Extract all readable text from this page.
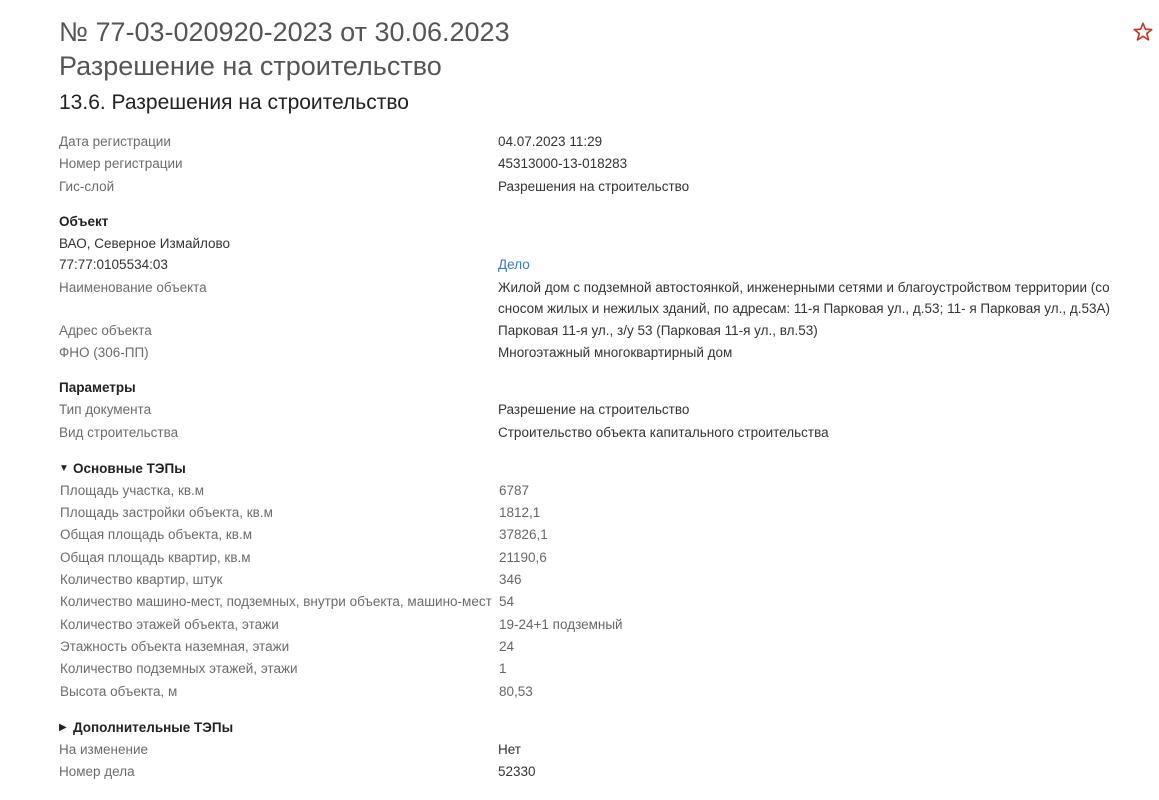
№ 77-03-020920-2023 от 30.06.2023
Разрешение на строительство
13.6. Разрешения на строительство
Дата регистрации	04.07.2023 11:29
Номер регистрации	45313000-13-018283
Гис-слой	Разрешения на строительство
Объект
ВАО, Северное Измайлово
77:77:0105534:03	Дело
Наименование объекта	Жилой дом с подземной автостоянкой, инженерными сетями и благоустройством территории (со сносом жилых и нежилых зданий, по адресам: 11-я Парковая ул., д.53; 11- я Парковая ул., д.53А)
Адрес объекта	Парковая 11-я ул., з/у 53 (Парковая 11-я ул., вл.53)
ФНО (306-ПП)	Многоэтажный многоквартирный дом
Параметры
Тип документа	Разрешение на строительство
Вид строительства	Строительство объекта капитального строительства
▼ Основные ТЭПы
Площадь участка, кв.м	6787
Площадь застройки объекта, кв.м	1812,1
Общая площадь объекта, кв.м	37826,1
Общая площадь квартир, кв.м	21190,6
Количество квартир, штук	346
Количество машино-мест, подземных, внутри объекта, машино-мест 54
Количество этажей объекта, этажи	19-24+1 подземный
Этажность объекта наземная, этажи	24
Количество подземных этажей, этажи	1
Высота объекта, м	80,53
▶ Дополнительные ТЭПы
На изменение	Нет
Номер дела	52330
